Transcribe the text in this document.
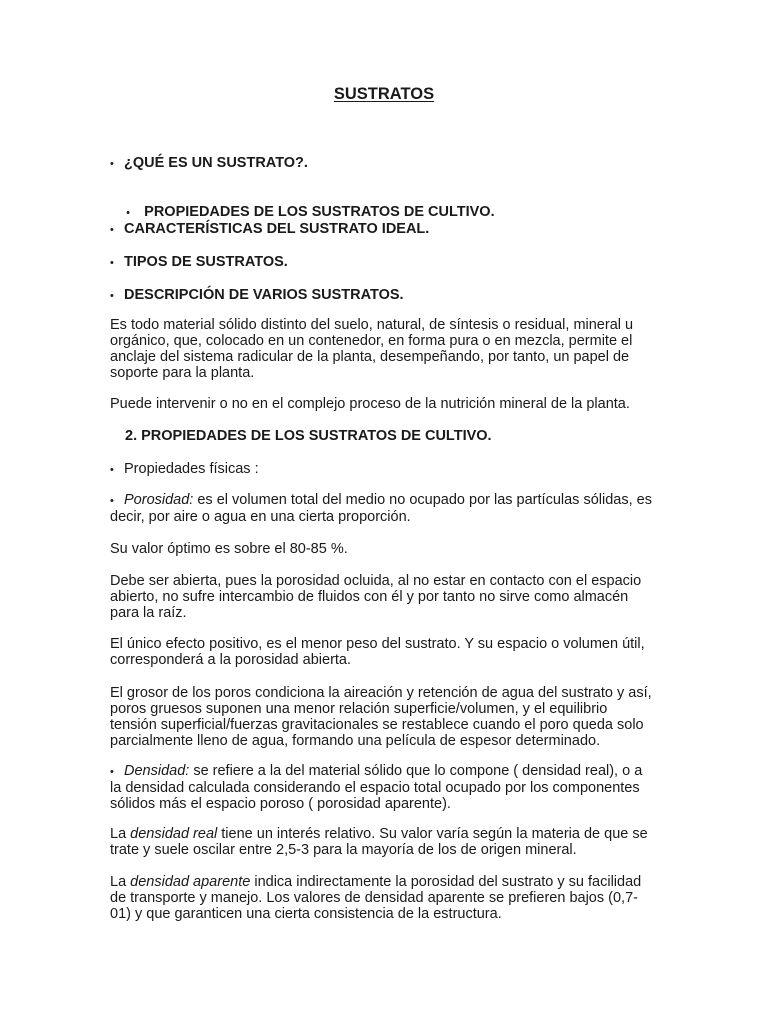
SUSTRATOS
• ¿QUÉ ES UN SUSTRATO?.

• PROPIEDADES DE LOS SUSTRATOS DE CULTIVO.

• CARACTERÍSTICAS DEL SUSTRATO IDEAL.
• TIPOS DE SUSTRATOS.
• DESCRIPCIÓN DE VARIOS SUSTRATOS.
Es todo material sólido distinto del suelo, natural, de síntesis o residual, mineral u orgánico, que, colocado en un contenedor, en forma pura o en mezcla, permite el anclaje del sistema radicular de la planta, desempeñando, por tanto, un papel de soporte para la planta.
Puede intervenir o no en el complejo proceso de la nutrición mineral de la planta.
2. PROPIEDADES DE LOS SUSTRATOS DE CULTIVO.
• Propiedades físicas :
• Porosidad: es el volumen total del medio no ocupado por las partículas sólidas, es decir, por aire o agua en una cierta proporción.
Su valor óptimo es sobre el 80-85 %.
Debe ser abierta, pues la porosidad ocluida, al no estar en contacto con el espacio abierto, no sufre intercambio de fluidos con él y por tanto no sirve como almacén para la raíz.
El único efecto positivo, es el menor peso del sustrato. Y su espacio o volumen útil, corresponderá a la porosidad abierta.
El grosor de los poros condiciona la aireación y retención de agua del sustrato y así, poros gruesos suponen una menor relación superficie/volumen, y el equilibrio tensión superficial/fuerzas gravitacionales se restablece cuando el poro queda solo parcialmente lleno de agua, formando una película de espesor determinado.
• Densidad: se refiere a la del material sólido que lo compone ( densidad real), o a la densidad calculada considerando el espacio total ocupado por los componentes sólidos más el espacio poroso ( porosidad aparente).
La densidad real tiene un interés relativo. Su valor varía según la materia de que se trate y suele oscilar entre 2,5-3 para la mayoría de los de origen mineral.
La densidad aparente indica indirectamente la porosidad del sustrato y su facilidad de transporte y manejo. Los valores de densidad aparente se prefieren bajos (0,7-01) y que garanticen una cierta consistencia de la estructura.
